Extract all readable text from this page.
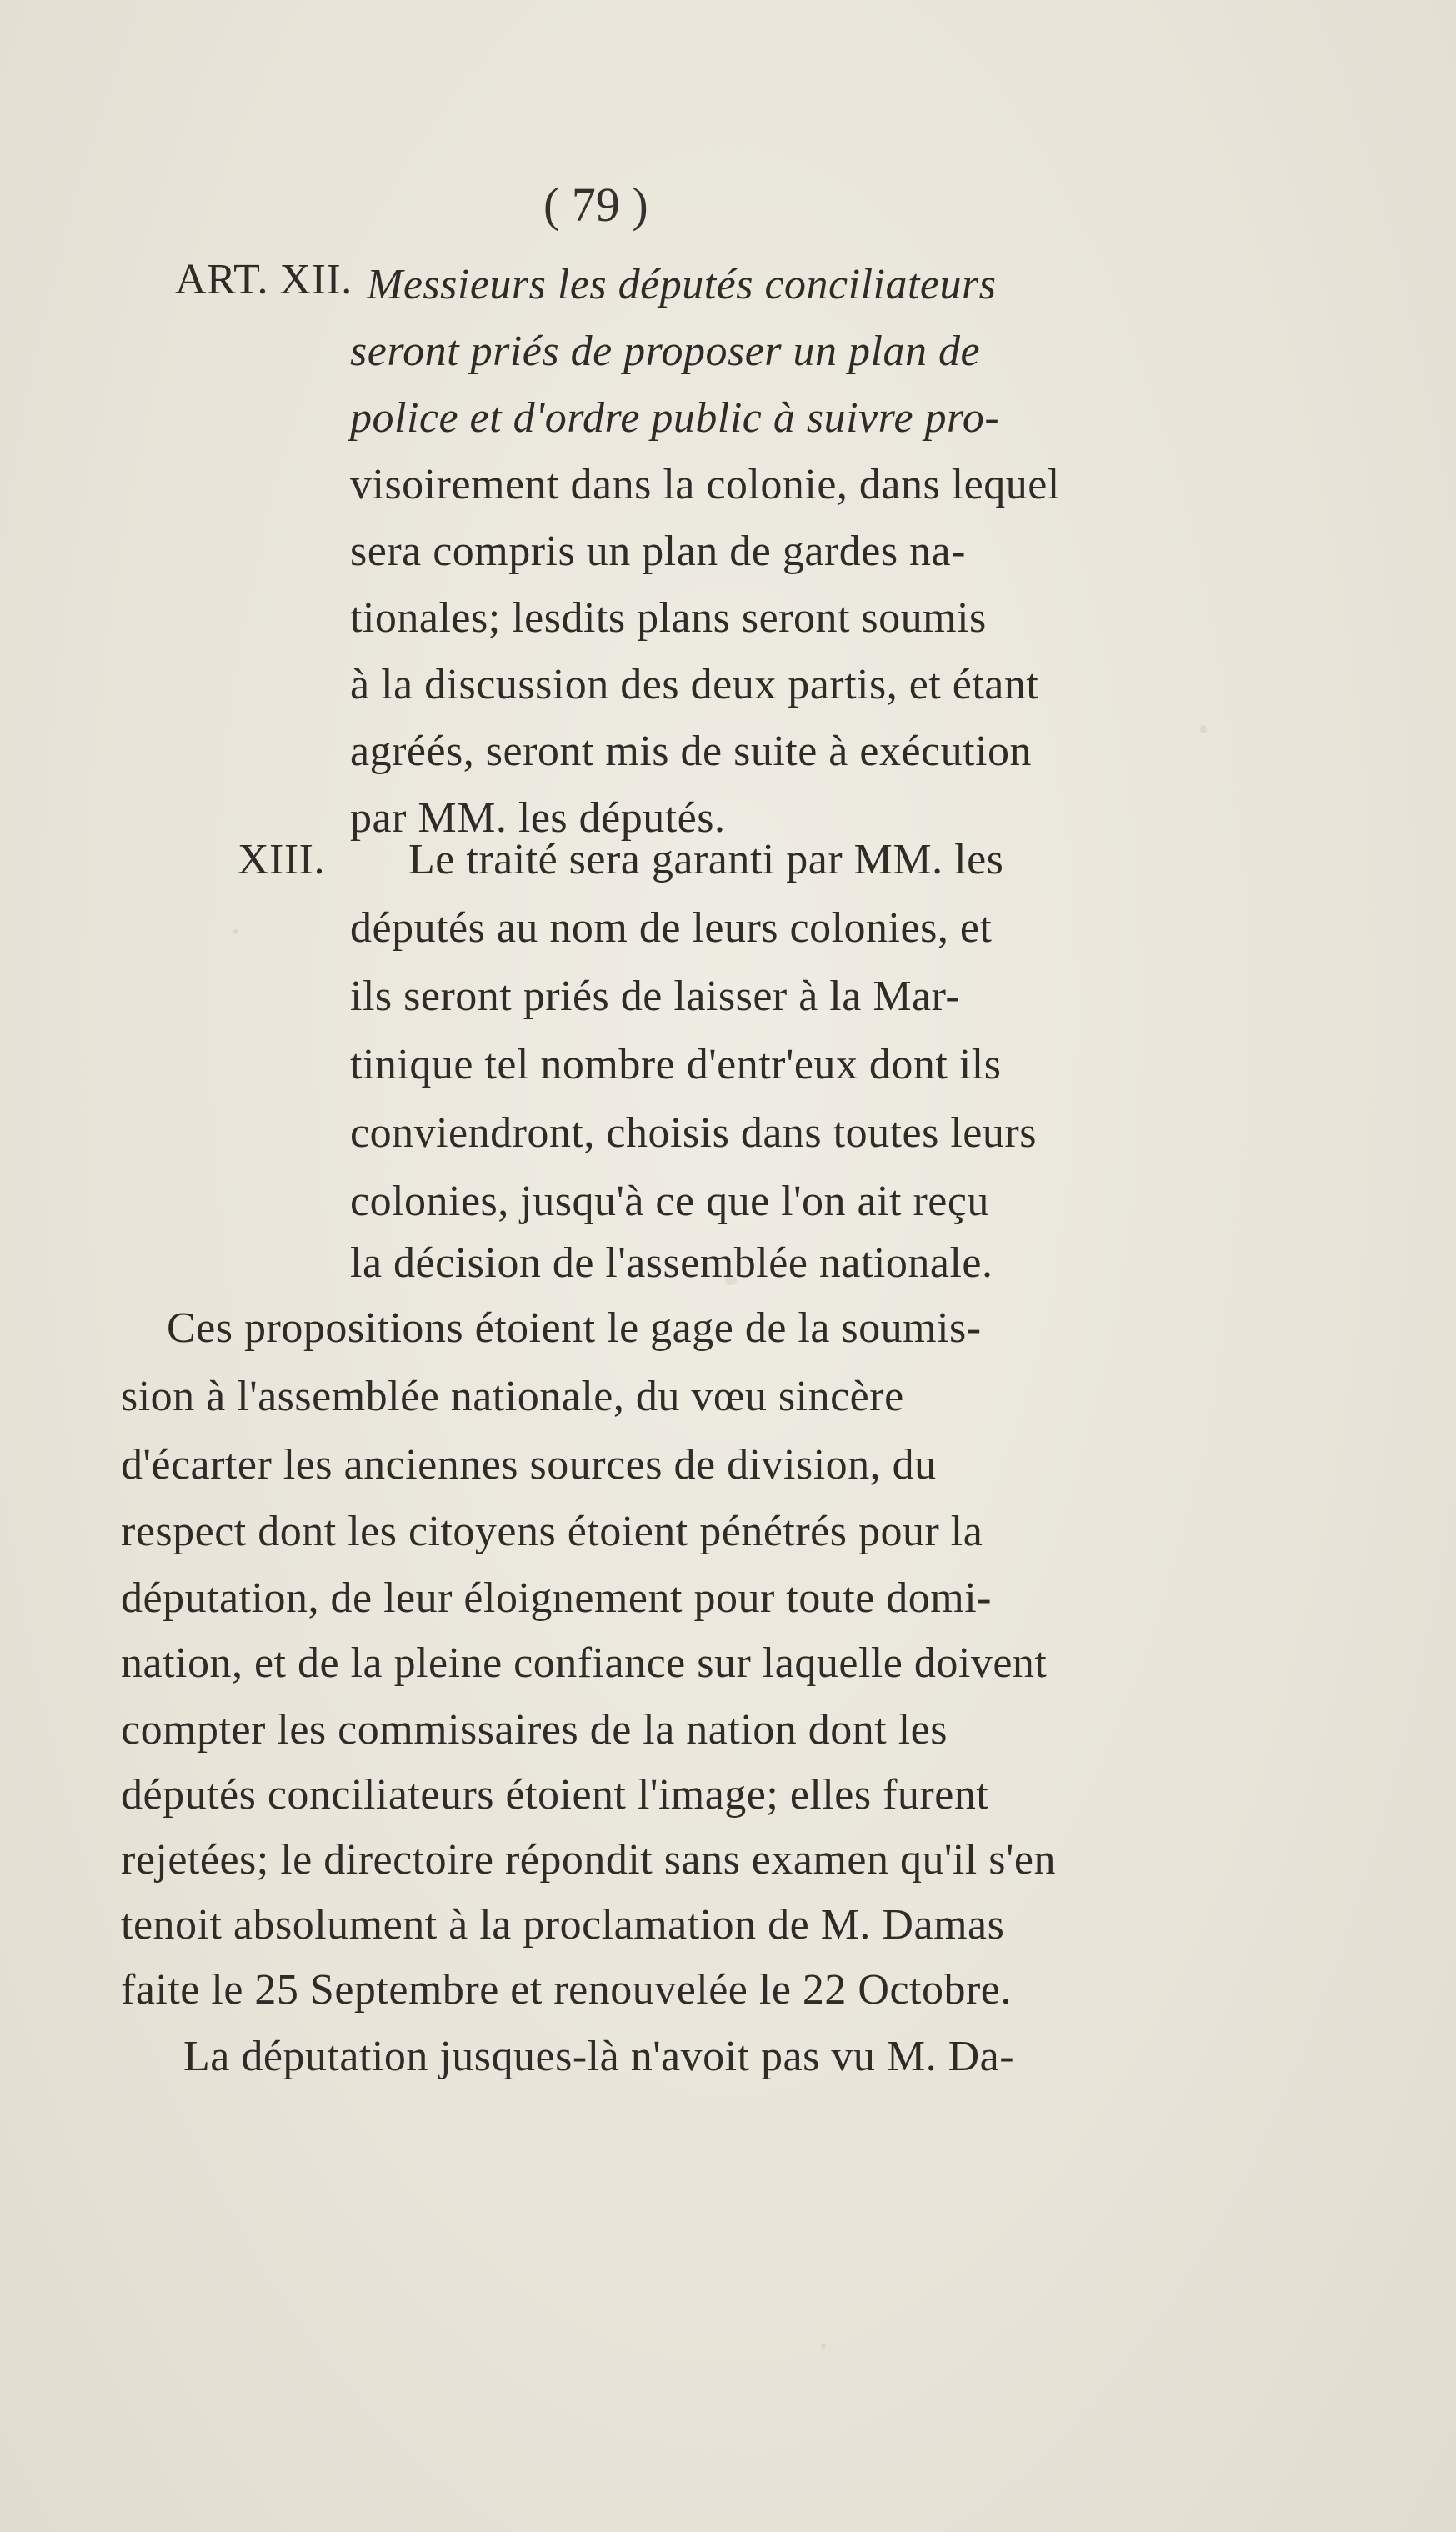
( 79 )
ART. XII. Messieurs les députés conciliateurs
seront priés de proposer un plan de
police et d'ordre public à suivre pro-
visoirement dans la colonie, dans lequel
sera compris un plan de gardes na-
tionales; lesdits plans seront soumis
à la discussion des deux partis, et étant
agréés, seront mis de suite à exécution
par MM. les députés.
XIII. Le traité sera garanti par MM. les
députés au nom de leurs colonies, et
ils seront priés de laisser à la Mar-
tinique tel nombre d'entr'eux dont ils
conviendront, choisis dans toutes leurs
colonies, jusqu'à ce que l'on ait reçu
la décision de l'assemblée nationale.
Ces propositions étoient le gage de la soumis-
sion à l'assemblée nationale, du vœu sincère
d'écarter les anciennes sources de division, du
respect dont les citoyens étoient pénétrés pour la
députation, de leur éloignement pour toute domi-
nation, et de la pleine confiance sur laquelle doivent
compter les commissaires de la nation dont les
députés conciliateurs étoient l'image; elles furent
rejetées; le directoire répondit sans examen qu'il s'en
tenoit absolument à la proclamation de M. Damas
faite le 25 Septembre et renouvelée le 22 Octobre.
La députation jusques-là n'avoit pas vu M. Da-
